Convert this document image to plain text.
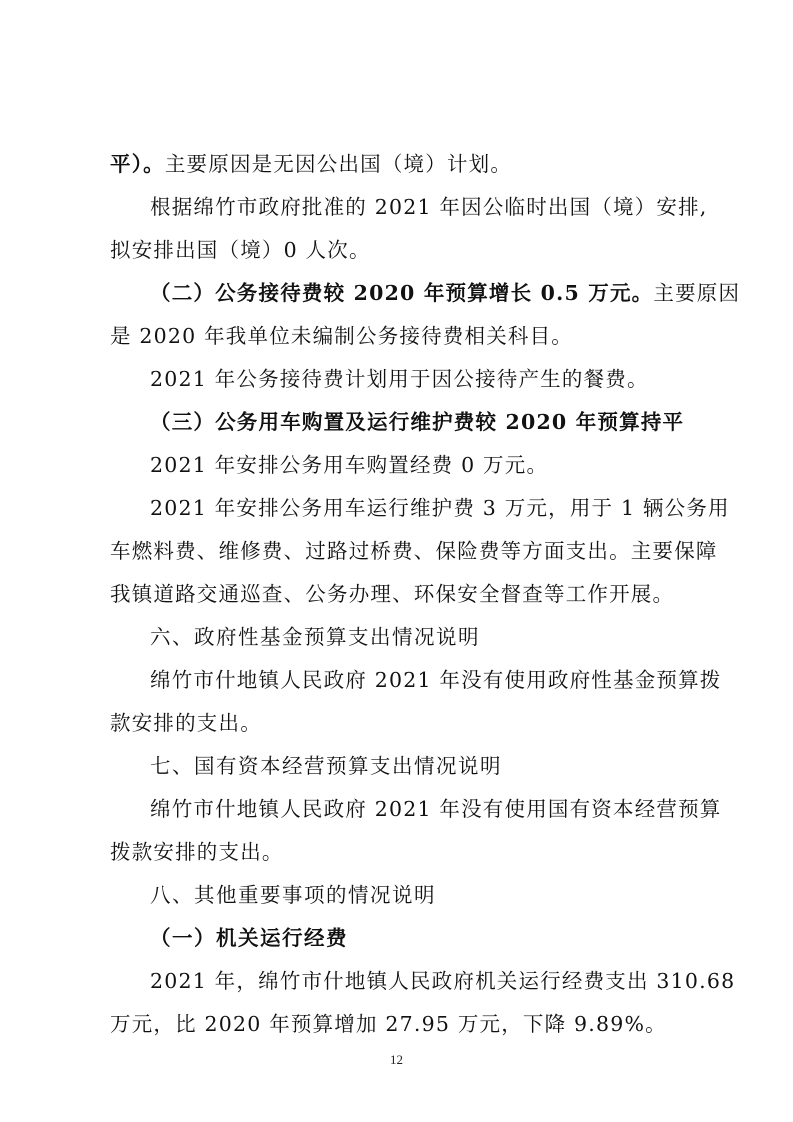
平）。主要原因是无因公出国（境）计划。
根据绵竹市政府批准的 2021 年因公临时出国（境）安排,
拟安排出国（境）0 人次。
（二）公务接待费较 2020 年预算增长 0.5 万元。主要原因
是 2020 年我单位未编制公务接待费相关科目。
2021 年公务接待费计划用于因公接待产生的餐费。
（三）公务用车购置及运行维护费较 2020 年预算持平
2021 年安排公务用车购置经费 0 万元。
2021 年安排公务用车运行维护费 3 万元，用于 1 辆公务用
车燃料费、维修费、过路过桥费、保险费等方面支出。主要保障
我镇道路交通巡查、公务办理、环保安全督查等工作开展。
六、政府性基金预算支出情况说明
绵竹市什地镇人民政府 2021 年没有使用政府性基金预算拨
款安排的支出。
七、国有资本经营预算支出情况说明
绵竹市什地镇人民政府 2021 年没有使用国有资本经营预算
拨款安排的支出。
八、其他重要事项的情况说明
（一）机关运行经费
2021 年，绵竹市什地镇人民政府机关运行经费支出 310.68
12
万元，比 2020 年预算增加 27.95 万元，下降 9.89%。
